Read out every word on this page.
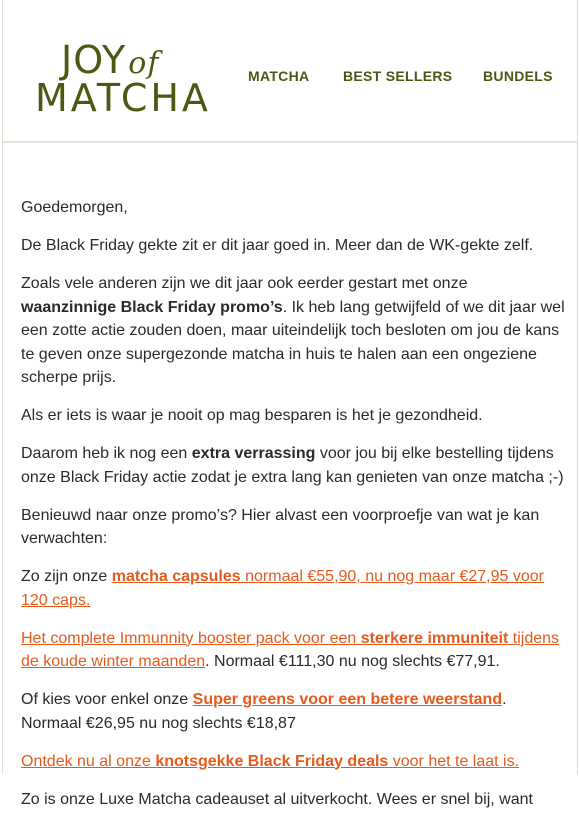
JOYof
MATCHA	MATCHA BEST SELLERS BUNDELS

Goedemorgen,

De Black Friday gekte zit er dit jaar goed in. Meer dan de WK-gekte zelf.

Zoals vele anderen zijn we dit jaar ook eerder gestart met onze waanzinnige Black Friday promo’s. Ik heb lang getwijfeld of we dit jaar wel een zotte actie zouden doen, maar uiteindelijk toch besloten om jou de kans te geven onze supergezonde matcha in huis te halen aan een ongeziene scherpe prijs.

Als er iets is waar je nooit op mag besparen is het je gezondheid.

Daarom heb ik nog een extra verrassing voor jou bij elke bestelling tijdens onze Black Friday actie zodat je extra lang kan genieten van onze matcha ;-)

Benieuwd naar onze promo’s? Hier alvast een voorproefje van wat je kan verwachten:

Zo zijn onze matcha capsules normaal €55,90, nu nog maar €27,95 voor 120 caps.

Het complete Immunnity booster pack voor een sterkere immuniteit tijdens de koude winter maanden. Normaal €111,30 nu nog slechts €77,91.

Of kies voor enkel onze Super greens voor een betere weerstand. Normaal €26,95 nu nog slechts €18,87

Ontdek nu al onze knotsgekke Black Friday deals voor het te laat is.

Zo is onze Luxe Matcha cadeauset al uitverkocht. Wees er snel bij, want
